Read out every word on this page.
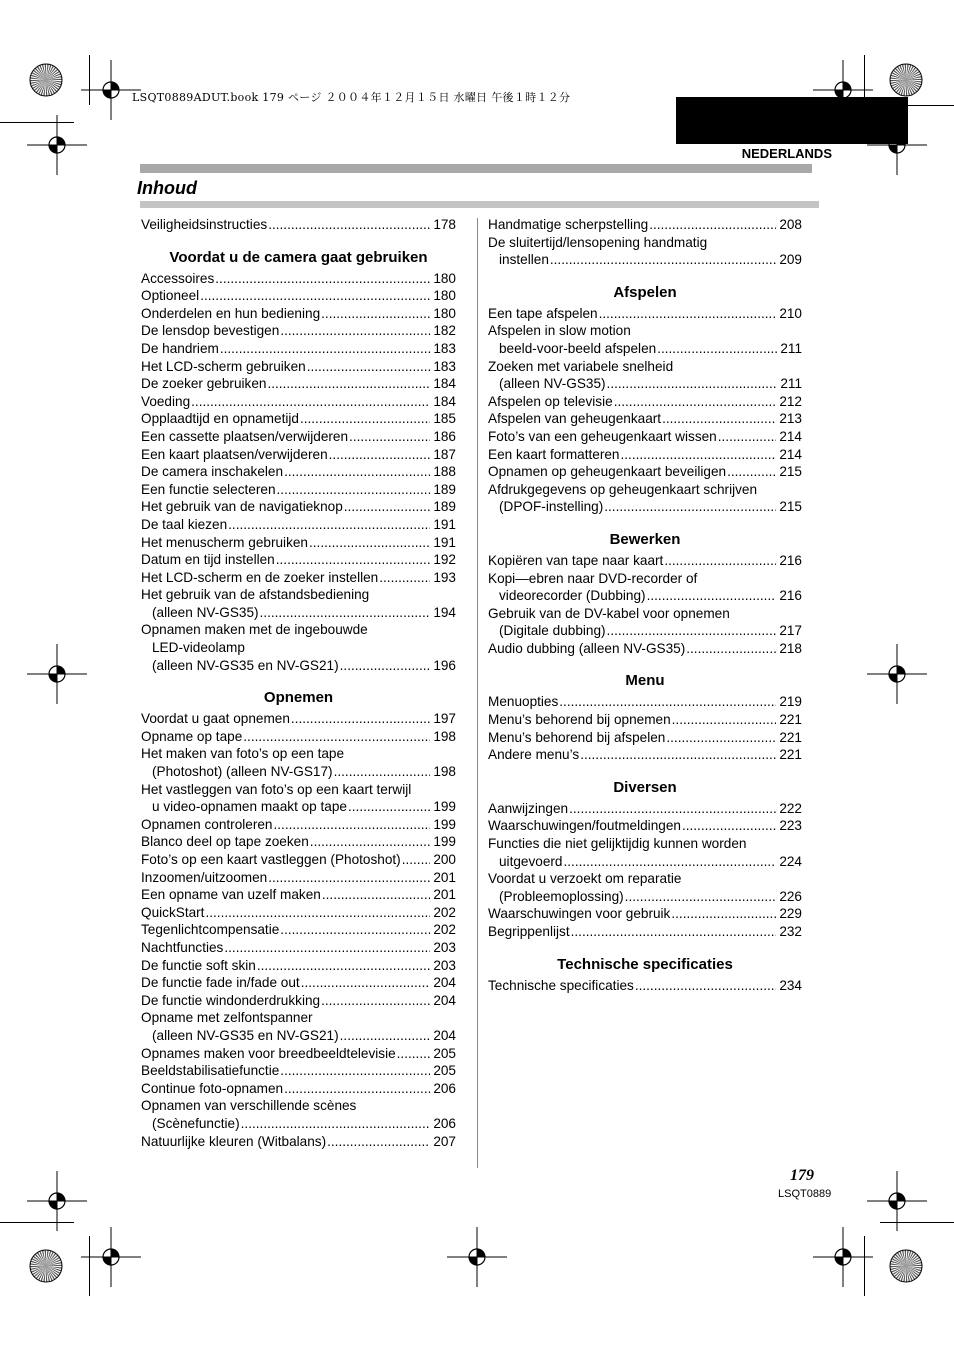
LSQT0889ADUT.book 179 ページ ２００４年１２月１５日 水曜日 午後１時１２分
NEDERLANDS
Inhoud
Veiligheidsinstructies .....	178
Voordat u de camera gaat gebruiken
Accessoires .....	180
Optioneel .....	180
Onderdelen en hun bediening .....	180
De lensdop bevestigen .....	182
De handriem .....	183
Het LCD-scherm gebruiken .....	183
De zoeker gebruiken .....	184
Voeding .....	184
Opplaadtijd en opnametijd .....	185
Een cassette plaatsen/verwijderen .....	186
Een kaart plaatsen/verwijderen .....	187
De camera inschakelen .....	188
Een functie selecteren .....	189
Het gebruik van de navigatieknop .....	189
De taal kiezen .....	191
Het menuscherm gebruiken .....	191
Datum en tijd instellen .....	192
Het LCD-scherm en de zoeker instellen .....	193
Het gebruik van de afstandsbediening
(alleen NV-GS35) .....	194
Opnamen maken met de ingebouwde
LED-videolamp
(alleen NV-GS35 en NV-GS21) .....	196
Opnemen
Voordat u gaat opnemen .....	197
Opname op tape .....	198
Het maken van foto’s op een tape
(Photoshot) (alleen NV-GS17) .....	198
Het vastleggen van foto’s op een kaart terwijl
u video-opnamen maakt op tape .....	199
Opnamen controleren .....	199
Blanco deel op tape zoeken .....	199
Foto’s op een kaart vastleggen (Photoshot) ..... 200
Inzoomen/uitzoomen .....	201
Een opname van uzelf maken .....	201
QuickStart .....	202
Tegenlichtcompensatie .....	202
Nachtfuncties .....	203
De functie soft skin .....	203
De functie fade in/fade out .....	204
De functie windonderdrukking .....	204
Opname met zelfontspanner
(alleen NV-GS35 en NV-GS21) .....	204
Opnames maken voor breedbeeldtelevisie .....	205
Beeldstabilisatiefunctie .....	205
Continue foto-opnamen .....	206
Opnamen van verschillende scènes
(Scènefunctie) .....	206
Natuurlijke kleuren (Witbalans) .....	207
Handmatige scherpstelling .....	208
De sluitertijd/lensopening handmatig
instellen .....	209
Afspelen
Een tape afspelen .....	210
Afspelen in slow motion
beeld-voor-beeld afspelen .....	211
Zoeken met variabele snelheid
(alleen NV-GS35) .....	211
Afspelen op televisie .....	212
Afspelen van geheugenkaart .....	213
Foto’s van een geheugenkaart wissen .....	214
Een kaart formatteren .....	214
Opnamen op geheugenkaart beveiligen .....	215
Afdrukgegevens op geheugenkaart schrijven
(DPOF-instelling) .....	215
Bewerken
Kopiëren van tape naar kaart .....	216
Kopi—ebren naar DVD-recorder of
videorecorder (Dubbing) .....	216
Gebruik van de DV-kabel voor opnemen
(Digitale dubbing) .....	217
Audio dubbing (alleen NV-GS35) .....	218
Menu
Menuopties .....	219
Menu’s behorend bij opnemen .....	221
Menu’s behorend bij afspelen .....	221
Andere menu’s .....	221
Diversen
Aanwijzingen .....	222
Waarschuwingen/foutmeldingen .....	223
Functies die niet gelijktijdig kunnen worden
uitgevoerd .....	224
Voordat u verzoekt om reparatie
(Probleemoplossing) .....	226
Waarschuwingen voor gebruik .....	229
Begrippenlijst .....	232
Technische specificaties
Technische specificaties .....	234
179
LSQT0889
